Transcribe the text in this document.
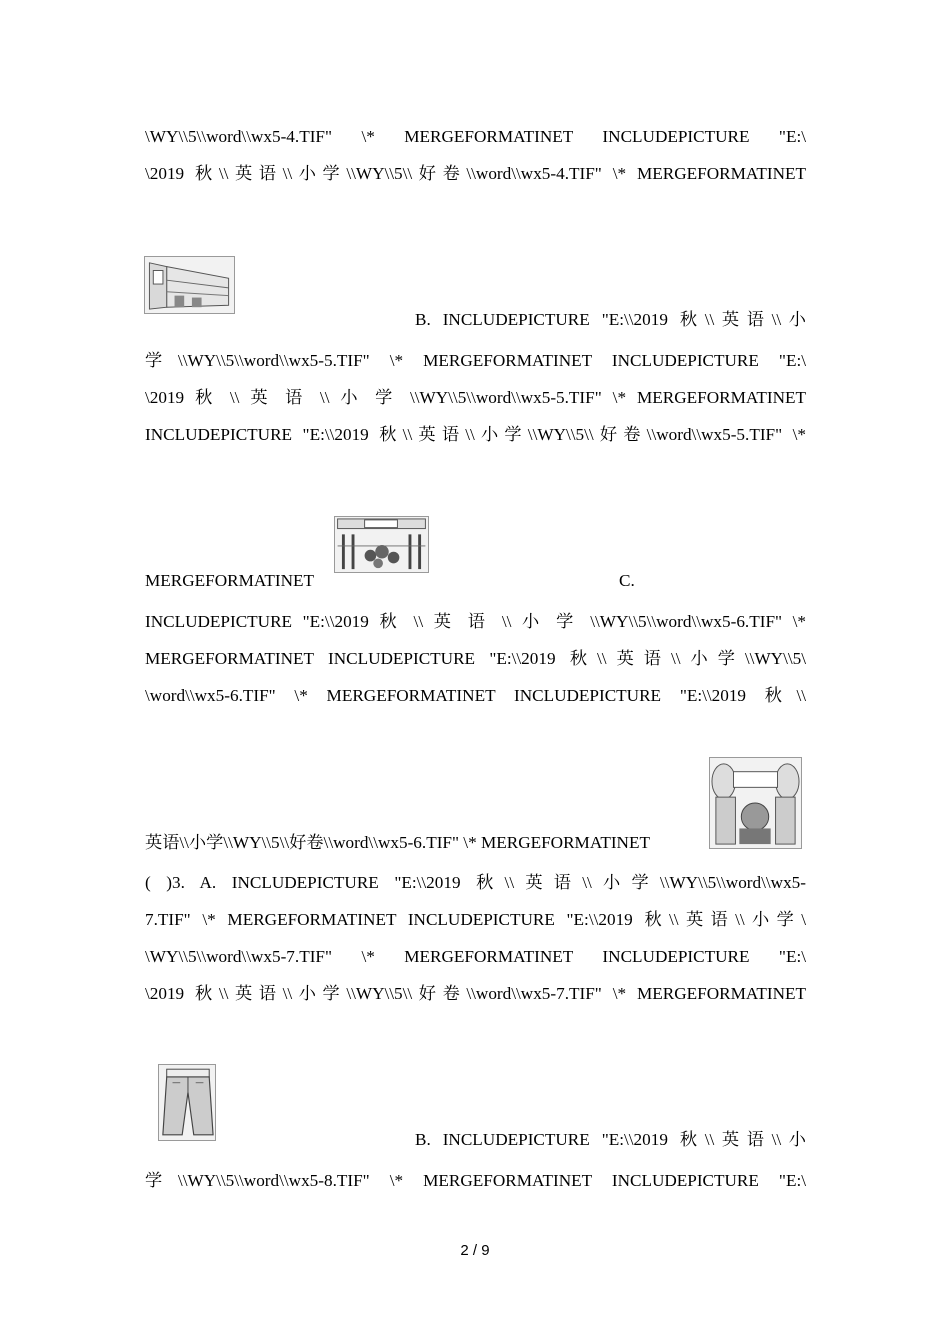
\WY\\5\\word\\wx5-4.TIF" \* MERGEFORMATINET INCLUDEPICTURE "E:\
\2019 秋\\英语\\小学\\WY\\5\\好卷\\word\\wx5-4.TIF" \* MERGEFORMATINET
B. INCLUDEPICTURE "E:\\2019 秋\\英语\\小
学\\WY\\5\\word\\wx5-5.TIF" \* MERGEFORMATINET INCLUDEPICTURE "E:\
\2019 秋 \\ 英 语 \\ 小 学 \\WY\\5\\word\\wx5-5.TIF" \* MERGEFORMATINET
INCLUDEPICTURE "E:\\2019 秋\\英语\\小学\\WY\\5\\好卷\\word\\wx5-5.TIF" \*
MERGEFORMATINET	C.
INCLUDEPICTURE "E:\\2019 秋 \\ 英 语 \\ 小 学 \\WY\\5\\word\\wx5-6.TIF" \*
MERGEFORMATINET INCLUDEPICTURE "E:\\2019 秋\\英语\\小学\\WY\\5\
\word\\wx5-6.TIF" \* MERGEFORMATINET INCLUDEPICTURE "E:\\2019 秋\\
英语\\小学\\WY\\5\\好卷\\word\\wx5-6.TIF" \* MERGEFORMATINET
( )3. A. INCLUDEPICTURE "E:\\2019 秋\\英语\\小学\\WY\\5\\word\\wx5-
7.TIF" \* MERGEFORMATINET INCLUDEPICTURE "E:\\2019 秋\\英语\\小学\
\WY\\5\\word\\wx5-7.TIF" \* MERGEFORMATINET INCLUDEPICTURE "E:\
\2019 秋\\英语\\小学\\WY\\5\\好卷\\word\\wx5-7.TIF" \* MERGEFORMATINET
B. INCLUDEPICTURE "E:\\2019 秋\\英语\\小
学\\WY\\5\\word\\wx5-8.TIF" \* MERGEFORMATINET INCLUDEPICTURE "E:\
2 / 9
